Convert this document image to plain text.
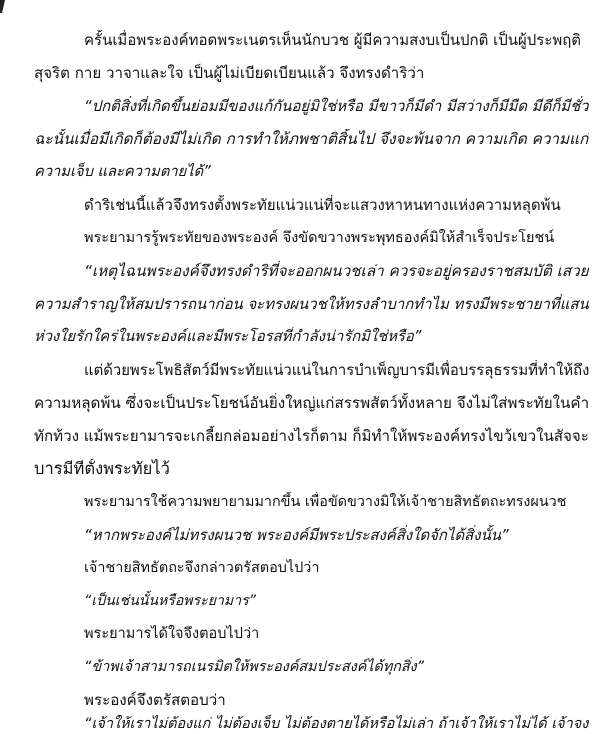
ครั้นเมื่อพระองค์ทอดพระเนตรเห็นนักบวช ผู้มีความสงบเป็นปกติ เป็นผู้ประพฤติ
สุจริต กาย วาจาและใจ เป็นผู้ไม่เบียดเบียนแล้ว จึงทรงดำริว่า
“ปกติสิ่งที่เกิดขึ้นย่อมมีของแก้กันอยู่มิใช่หรือ มีขาวก็มีดำ มีสว่างก็มีมืด มีดีก็มีชั่ว
ฉะนั้นเมื่อมีเกิดก็ต้องมีไม่เกิด การทำให้ภพชาติสิ้นไป จึงจะพ้นจาก ความเกิด ความแก่
ความเจ็บ และความตายได้”
ดำริเช่นนี้แล้วจึงทรงตั้งพระทัยแน่วแน่ที่จะแสวงหาหนทางแห่งความหลุดพ้น
พระยามารรู้พระทัยของพระองค์ จึงขัดขวางพระพุทธองค์มิให้สำเร็จประโยชน์
“เหตุไฉนพระองค์จึงทรงดำริที่จะออกผนวชเล่า ควรจะอยู่ครองราชสมบัติ เสวย
ความสำราญให้สมปรารถนาก่อน จะทรงผนวชให้ทรงลำบากทำไม ทรงมีพระชายาที่แสน
ห่วงใยรักใคร่ในพระองค์และมีพระโอรสที่กำลังน่ารักมิใช่หรือ”
แต่ด้วยพระโพธิสัตว์มีพระทัยแน่วแน่ในการบำเพ็ญบารมีเพื่อบรรลุธรรมที่ทำให้ถึง
ความหลุดพ้น ซึ่งจะเป็นประโยชน์อันยิ่งใหญ่แก่สรรพสัตว์ทั้งหลาย จึงไม่ใส่พระทัยในคำ
ทักท้วง แม้พระยามารจะเกลี้ยกล่อมอย่างไรก็ตาม ก็มิทำให้พระองค์ทรงไขว้เขวในสัจจะ
บารมีที่ตั้งพระทัยไว้
พระยามารใช้ความพยายามมากขึ้น เพื่อขัดขวางมิให้เจ้าชายสิทธัตถะทรงผนวช
“หากพระองค์ไม่ทรงผนวช พระองค์มีพระประสงค์สิ่งใดจักได้สิ่งนั้น”
เจ้าชายสิทธัตถะจึงกล่าวตรัสตอบไปว่า
“เป็นเช่นนั้นหรือพระยามาร”
พระยามารได้ใจจึงตอบไปว่า
“ข้าพเจ้าสามารถเนรมิตให้พระองค์สมประสงค์ได้ทุกสิ่ง”
พระองค์จึงตรัสตอบว่า
“เจ้าให้เราไม่ต้องแก่ ไม่ต้องเจ็บ ไม่ต้องตายได้หรือไม่เล่า ถ้าเจ้าให้เราไม่ได้ เจ้าจง
